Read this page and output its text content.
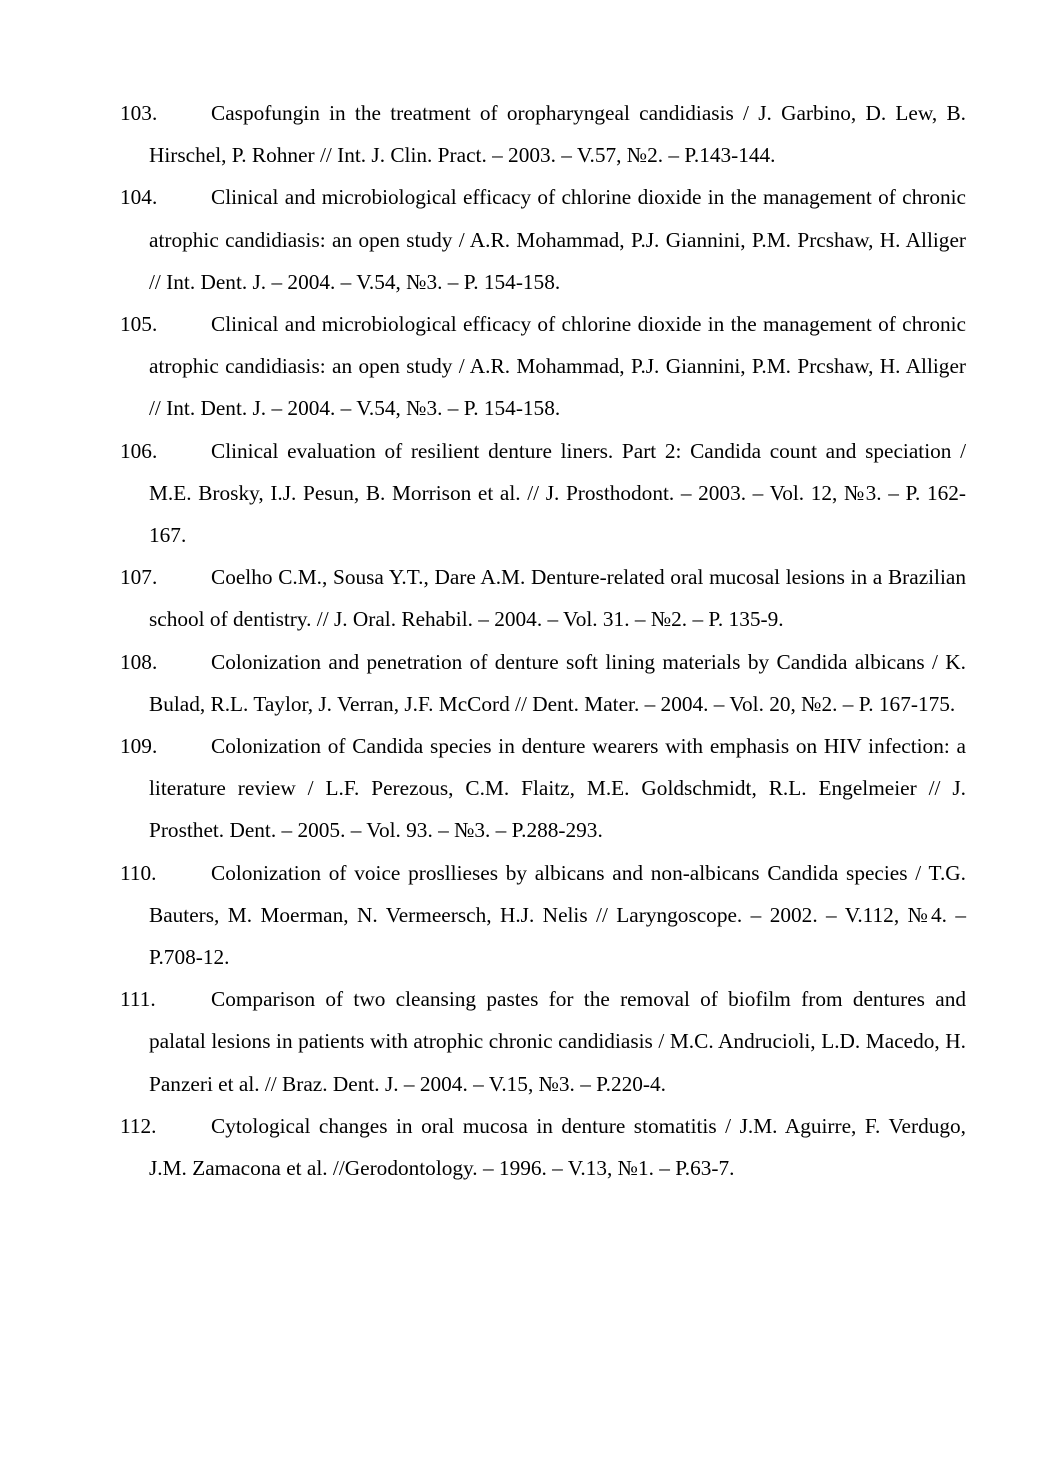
103.	Caspofungin in the treatment of oropharyngeal candidiasis / J. Garbino, D. Lew, B. Hirschel, P. Rohner // Int. J. Clin. Pract. – 2003. – V.57, №2. – P.143-144.
104.	Clinical and microbiological efficacy of chlorine dioxide in the management of chronic atrophic candidiasis: an open study / A.R. Mohammad, P.J. Giannini, P.M. Prcshaw, H. Alliger // Int. Dent. J. – 2004. – V.54, №3. – P. 154-158.
105.	Clinical and microbiological efficacy of chlorine dioxide in the management of chronic atrophic candidiasis: an open study / A.R. Mohammad, P.J. Giannini, P.M. Prcshaw, H. Alliger // Int. Dent. J. – 2004. – V.54, №3. – P. 154-158.
106.	Clinical evaluation of resilient denture liners. Part 2: Candida count and speciation / M.E. Brosky, I.J. Pesun, B. Morrison et al. // J. Prosthodont. – 2003. – Vol. 12, №3. – P. 162-167.
107.	Coelho C.M., Sousa Y.T., Dare A.M. Denture-related oral mucosal lesions in a Brazilian school of dentistry. // J. Oral. Rehabil. – 2004. – Vol. 31. – №2. – P. 135-9.
108.	Colonization and penetration of denture soft lining materials by Candida albicans / K. Bulad, R.L. Taylor, J. Verran, J.F. McCord // Dent. Mater. – 2004. – Vol. 20, №2. – P. 167-175.
109.	Colonization of Candida species in denture wearers with emphasis on HIV infection: a literature review / L.F. Perezous, C.M. Flaitz, M.E. Goldschmidt, R.L. Engelmeier // J. Prosthet. Dent. – 2005. – Vol. 93. – №3. – P.288-293.
110.	Colonization of voice prosllieses by albicans and non-albicans Candida species / T.G. Bauters, M. Moerman, N. Vermeersch, H.J. Nelis // Laryngoscope. – 2002. – V.112, №4. – P.708-12.
111.	Comparison of two cleansing pastes for the removal of biofilm from dentures and palatal lesions in patients with atrophic chronic candidiasis / M.C. Andrucioli, L.D. Macedo, H. Panzeri et al. // Braz. Dent. J. – 2004. – V.15, №3. – P.220-4.
112.	Cytological changes in oral mucosa in denture stomatitis / J.M. Aguirre, F. Verdugo, J.M. Zamacona et al. //Gerodontology. – 1996. – V.13, №1. – P.63-7.
